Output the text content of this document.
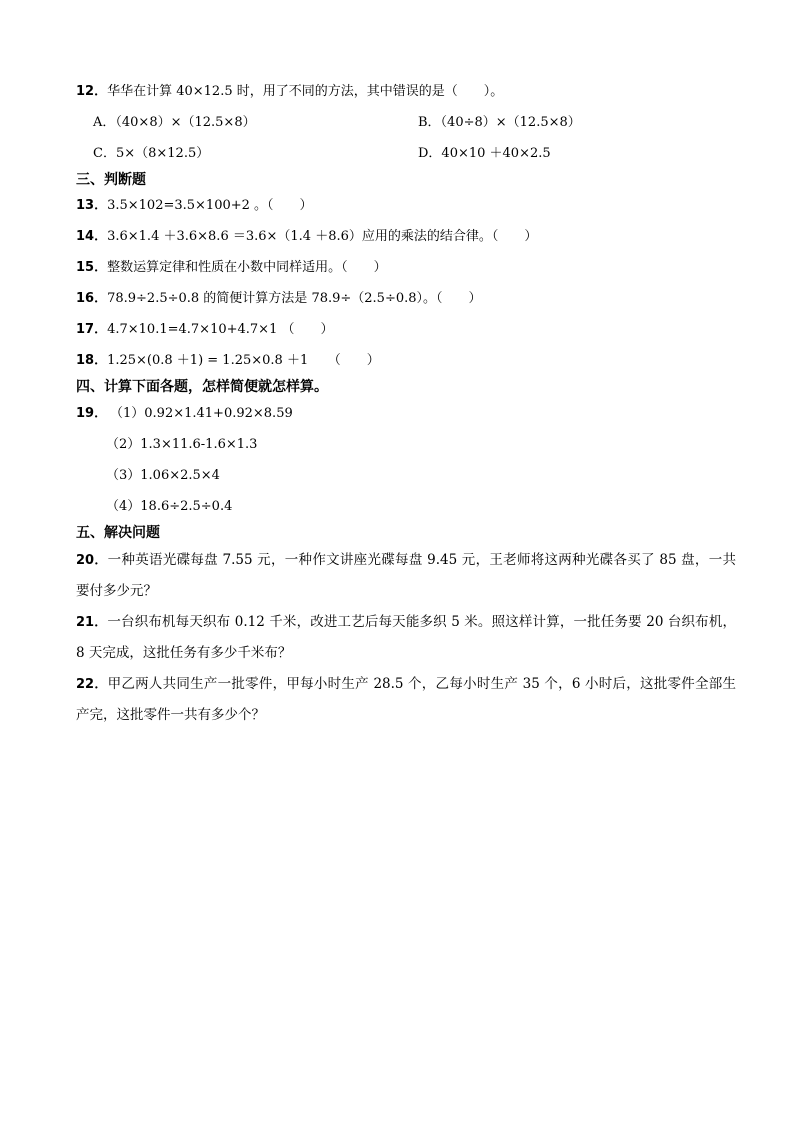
12．华华在计算 40×12.5 时，用了不同的方法，其中错误的是（　　）。
A．（40×8）×（12.5×8）	B．（40÷8）×（12.5×8）
C．5×（8×12.5）	D．40×10 ＋40×2.5
三、判断题
13．3.5×102=3.5×100+2 。（　　）
14．3.6×1.4 ＋3.6×8.6 ＝3.6×（1.4 ＋8.6）应用的乘法的结合律。（　　）
15．整数运算定律和性质在小数中同样适用。（　　）
16．78.9÷2.5÷0.8 的简便计算方法是 78.9÷（2.5÷0.8）。（　　）
17．4.7×10.1=4.7×10+4.7×1 （　　）
18．1.25×(0.8 ＋1) = 1.25×0.8 ＋1　　（　　）
四、计算下面各题，怎样简便就怎样算。
19． （1）0.92×1.41+0.92×8.59
（2）1.3×11.6-1.6×1.3
（3）1.06×2.5×4
（4）18.6÷2.5÷0.4
五、解决问题
20．一种英语光碟每盘 7.55 元，一种作文讲座光碟每盘 9.45 元，王老师将这两种光碟各买了 85 盘，一共要付多少元？
21．一台织布机每天织布 0.12 千米，改进工艺后每天能多织 5 米。照这样计算，一批任务要 20 台织布机，8 天完成，这批任务有多少千米布？
22．甲乙两人共同生产一批零件，甲每小时生产 28.5 个，乙每小时生产 35 个，6 小时后，这批零件全部生产完，这批零件一共有多少个？
